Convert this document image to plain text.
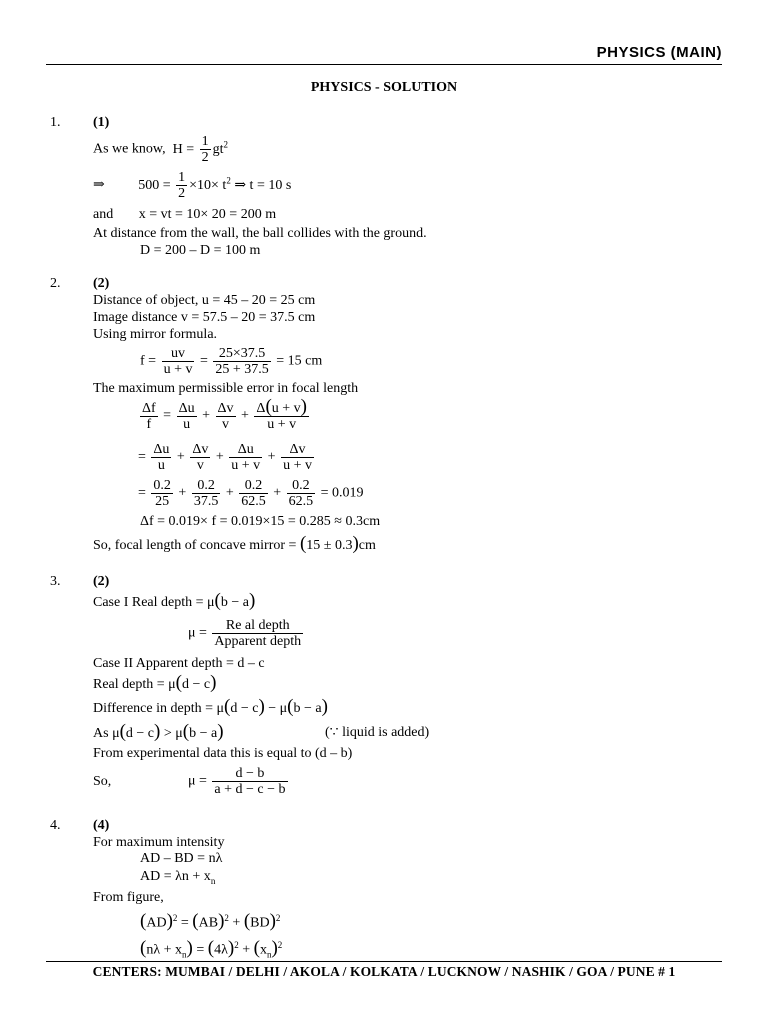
PHYSICS (MAIN)
PHYSICS - SOLUTION
1. (1)
As we know,  $H = \frac{1}{2} gt^2$
⇒ $500 = \frac{1}{2} \times 10\times t^2$ ⇒ t = 10 s
and x = vt = 10× 20 = 200 m
At distance from the wall, the ball collides with the ground.
D = 200 – D = 100 m
2. (2)
Distance of object, u = 45 – 20 = 25 cm
Image distance v = 57.5 – 20 = 37.5 cm
Using mirror formula.
$f = \frac{uv}{u + v} = \frac{25\times 37.5}{25 + 37.5} = 15$ cm
The maximum permissible error in focal length
$\frac{\Delta f}{f} = \frac{\Delta u}{u} + \frac{\Delta v}{v} + \frac{\Delta(u + v)}{u + v}$
= $\frac{\Delta u}{u} + \frac{\Delta v}{v} + \frac{\Delta u}{u + v} + \frac{\Delta v}{u + v}$
= $\frac{0.2}{25} + \frac{0.2}{37.5} + \frac{0.2}{62.5} + \frac{0.2}{62.5} = 0.019$
Δf = 0.019× f = 0.019×15 = 0.285 ≈ 0.3cm
So, focal length of concave mirror = (15 ± 0.3)cm
3. (2)
Case I Real depth = μ(b − a)
μ =
Re al depth
Apparent depth
Case II Apparent depth = d – c
Real depth = μ(d − c)
Difference in depth = μ(d − c) − μ(b − a)
As μ(d − c) > μ(b − a)	(∵ liquid is added)
From experimental data this is equal to (d – b)
So,	$\mu = \frac{d - b}{a + d - c - b}$
4. (4)
For maximum intensity
AD – BD = nλ
AD = $\lambda n + x_n$
From figure,
(AD)$^2$ = (AB)$^2$ + (BD)$^2$
$(n\lambda + x_n) = (4\lambda)^2 + (x_n)^2$
CENTERS: MUMBAI / DELHI / AKOLA / KOLKATA / LUCKNOW / NASHIK / GOA / PUNE # 1
